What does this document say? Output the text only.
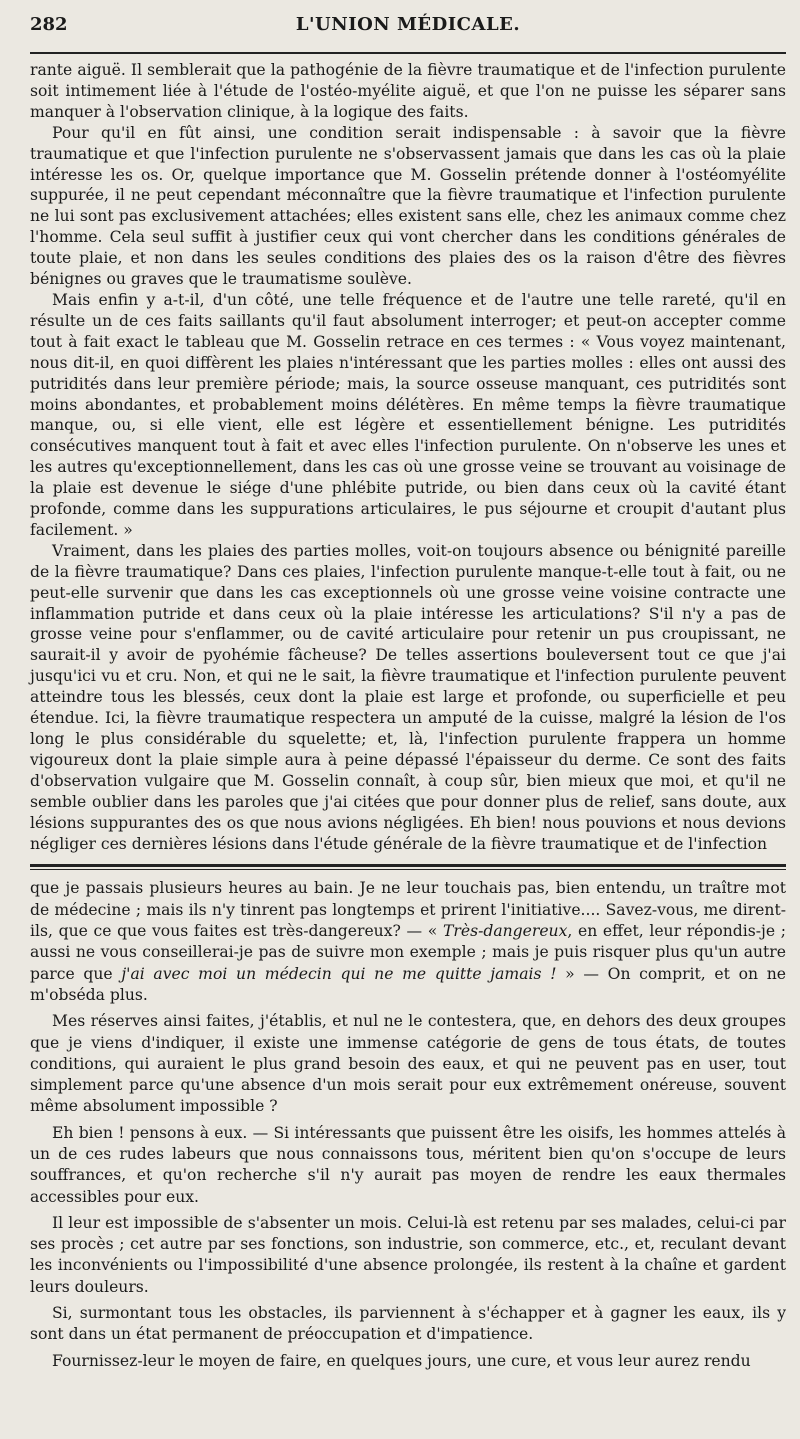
282	L'UNION MÉDICALE.

rante aiguë. Il semblerait que la pathogénie de la fièvre traumatique et de l'infection purulente soit intimement liée à l'étude de l'ostéo-myélite aiguë, et que l'on ne puisse les séparer sans manquer à l'observation clinique, à la logique des faits.

Pour qu'il en fût ainsi, une condition serait indispensable : à savoir que la fièvre traumatique et que l'infection purulente ne s'observassent jamais que dans les cas où la plaie intéresse les os. Or, quelque importance que M. Gosselin prétende donner à l'ostéomyélite suppurée, il ne peut cependant méconnaître que la fièvre traumatique et l'infection purulente ne lui sont pas exclusivement attachées; elles existent sans elle, chez les animaux comme chez l'homme. Cela seul suffit à justifier ceux qui vont chercher dans les conditions générales de toute plaie, et non dans les seules conditions des plaies des os la raison d'être des fièvres bénignes ou graves que le traumatisme soulève.

Mais enfin y a-t-il, d'un côté, une telle fréquence et de l'autre une telle rareté, qu'il en résulte un de ces faits saillants qu'il faut absolument interroger; et peut-on accepter comme tout à fait exact le tableau que M. Gosselin retrace en ces termes : « Vous voyez maintenant, nous dit-il, en quoi diffèrent les plaies n'intéressant que les parties molles : elles ont aussi des putridités dans leur première période; mais, la source osseuse manquant, ces putridités sont moins abondantes, et probablement moins délétères. En même temps la fièvre traumatique manque, ou, si elle vient, elle est légère et essentiellement bénigne. Les putridités consécutives manquent tout à fait et avec elles l'infection purulente. On n'observe les unes et les autres qu'exceptionnellement, dans les cas où une grosse veine se trouvant au voisinage de la plaie est devenue le siége d'une phlébite putride, ou bien dans ceux où la cavité étant profonde, comme dans les suppurations articulaires, le pus séjourne et croupit d'autant plus facilement. »

Vraiment, dans les plaies des parties molles, voit-on toujours absence ou bénignité pareille de la fièvre traumatique? Dans ces plaies, l'infection purulente manque-t-elle tout à fait, ou ne peut-elle survenir que dans les cas exceptionnels où une grosse veine voisine contracte une inflammation putride et dans ceux où la plaie intéresse les articulations? S'il n'y a pas de grosse veine pour s'enflammer, ou de cavité articulaire pour retenir un pus croupissant, ne saurait-il y avoir de pyohémie fâcheuse? De telles assertions bouleversent tout ce que j'ai jusqu'ici vu et cru. Non, et qui ne le sait, la fièvre traumatique et l'infection purulente peuvent atteindre tous les blessés, ceux dont la plaie est large et profonde, ou superficielle et peu étendue. Ici, la fièvre traumatique respectera un amputé de la cuisse, malgré la lésion de l'os long le plus considérable du squelette; et, là, l'infection purulente frappera un homme vigoureux dont la plaie simple aura à peine dépassé l'épaisseur du derme. Ce sont des faits d'observation vulgaire que M. Gosselin connaît, à coup sûr, bien mieux que moi, et qu'il ne semble oublier dans les paroles que j'ai citées que pour donner plus de relief, sans doute, aux lésions suppurantes des os que nous avions négligées. Eh bien! nous pouvions et nous devions négliger ces dernières lésions dans l'étude générale de la fièvre traumatique et de l'infection

que je passais plusieurs heures au bain. Je ne leur touchais pas, bien entendu, un traître mot de médecine ; mais ils n'y tinrent pas longtemps et prirent l'initiative.... Savez-vous, me dirent-ils, que ce que vous faites est très-dangereux? — « Très-dangereux, en effet, leur répondis-je ; aussi ne vous conseillerai-je pas de suivre mon exemple ; mais je puis risquer plus qu'un autre parce que j'ai avec moi un médecin qui ne me quitte jamais ! » — On comprit, et on ne m'obséda plus.

Mes réserves ainsi faites, j'établis, et nul ne le contestera, que, en dehors des deux groupes que je viens d'indiquer, il existe une immense catégorie de gens de tous états, de toutes conditions, qui auraient le plus grand besoin des eaux, et qui ne peuvent pas en user, tout simplement parce qu'une absence d'un mois serait pour eux extrêmement onéreuse, souvent même absolument impossible ?

Eh bien ! pensons à eux. — Si intéressants que puissent être les oisifs, les hommes attelés à un de ces rudes labeurs que nous connaissons tous, méritent bien qu'on s'occupe de leurs souffrances, et qu'on recherche s'il n'y aurait pas moyen de rendre les eaux thermales accessibles pour eux.

Il leur est impossible de s'absenter un mois. Celui-là est retenu par ses malades, celui-ci par ses procès ; cet autre par ses fonctions, son industrie, son commerce, etc., et, reculant devant les inconvénients ou l'impossibilité d'une absence prolongée, ils restent à la chaîne et gardent leurs douleurs.

Si, surmontant tous les obstacles, ils parviennent à s'échapper et à gagner les eaux, ils y sont dans un état permanent de préoccupation et d'impatience.

Fournissez-leur le moyen de faire, en quelques jours, une cure, et vous leur aurez rendu
